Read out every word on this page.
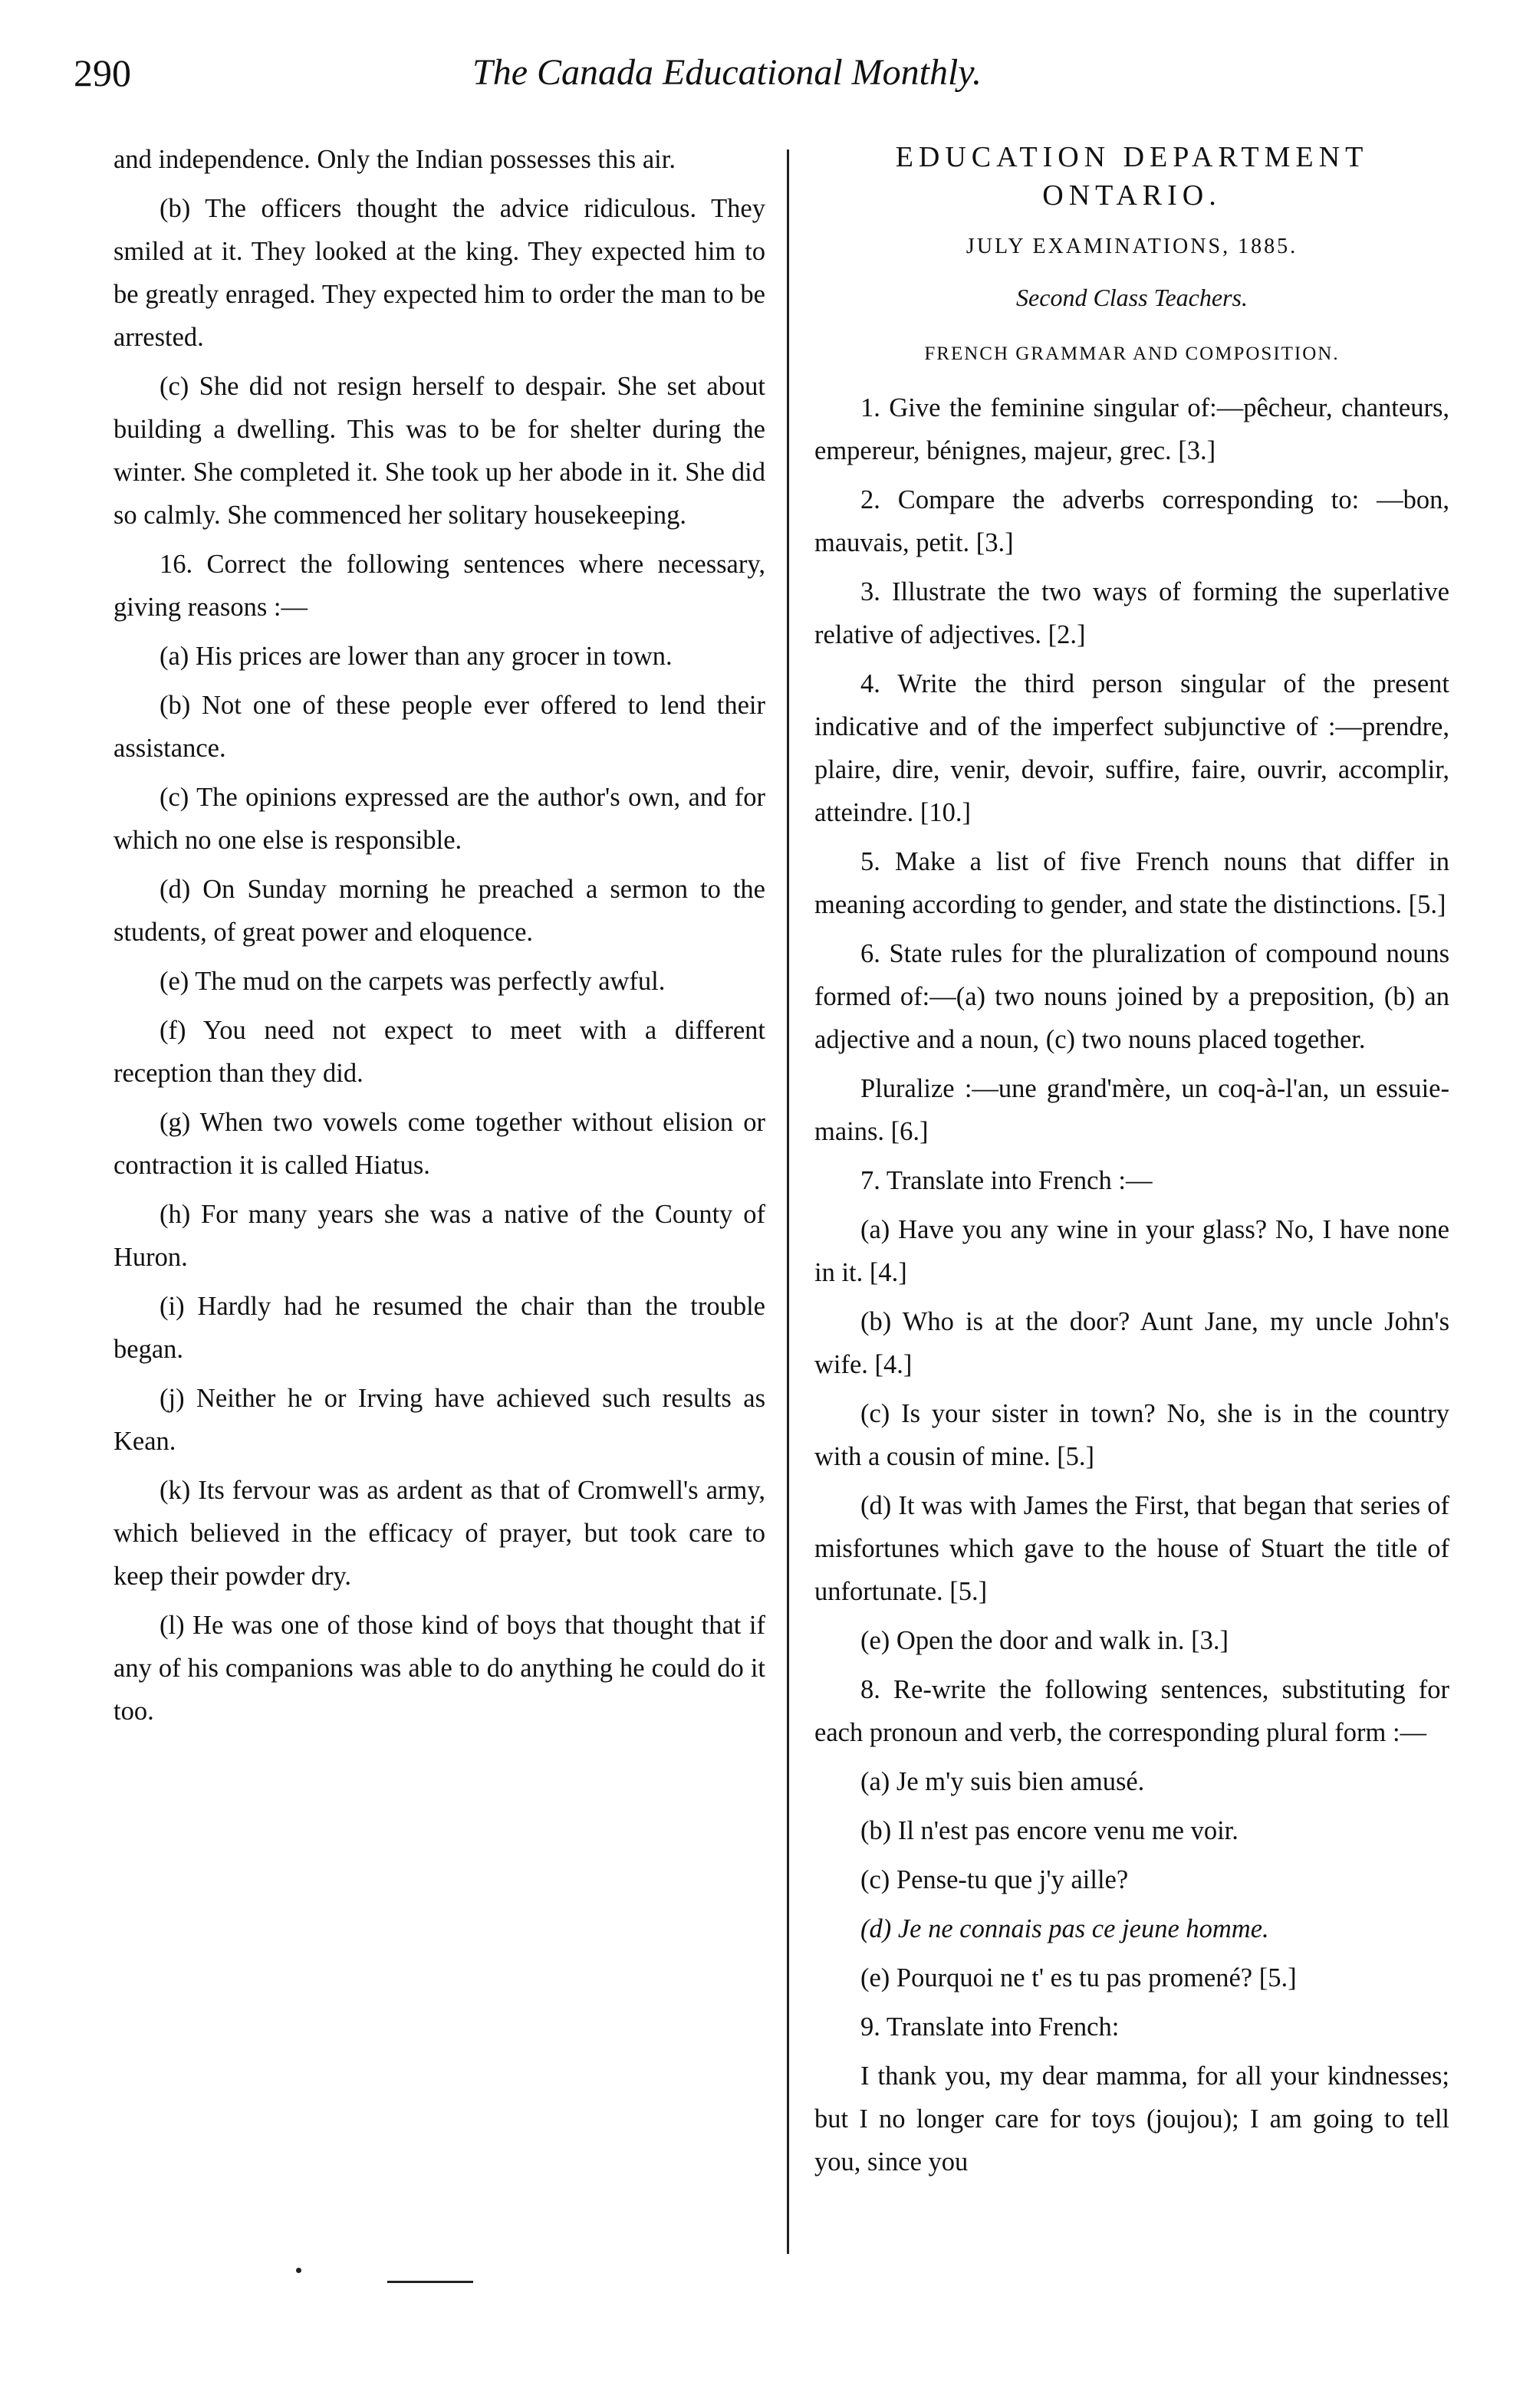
290	The Canada Educational Monthly.

and independence. Only the Indian possesses this air.

(b) The officers thought the advice ridiculous. They smiled at it. They looked at the king. They expected him to be greatly enraged. They expected him to order the man to be arrested.

(c) She did not resign herself to despair. She set about building a dwelling. This was to be for shelter during the winter. She completed it. She took up her abode in it. She did so calmly. She commenced her solitary housekeeping.

16. Correct the following sentences where necessary, giving reasons :—

(a) His prices are lower than any grocer in town.

(b) Not one of these people ever offered to lend their assistance.

(c) The opinions expressed are the author's own, and for which no one else is responsible.

(d) On Sunday morning he preached a sermon to the students, of great power and eloquence.

(e) The mud on the carpets was perfectly awful.

(f) You need not expect to meet with a different reception than they did.

(g) When two vowels come together without elision or contraction it is called Hiatus.

(h) For many years she was a native of the County of Huron.

(i) Hardly had he resumed the chair than the trouble began.

(j) Neither he or Irving have achieved such results as Kean.

(k) Its fervour was as ardent as that of Cromwell's army, which believed in the efficacy of prayer, but took care to keep their powder dry.

(l) He was one of those kind of boys that thought that if any of his companions was able to do anything he could do it too.

EDUCATION DEPARTMENT ONTARIO.

JULY EXAMINATIONS, 1885.

Second Class Teachers.

FRENCH GRAMMAR AND COMPOSITION.

1. Give the feminine singular of:—pêcheur, chanteurs, empereur, bénignes, majeur, grec. [3.]

2. Compare the adverbs corresponding to: —bon, mauvais, petit. [3.]

3. Illustrate the two ways of forming the superlative relative of adjectives. [2.]

4. Write the third person singular of the present indicative and of the imperfect subjunctive of :—prendre, plaire, dire, venir, devoir, suffire, faire, ouvrir, accomplir, atteindre. [10.]

5. Make a list of five French nouns that differ in meaning according to gender, and state the distinctions. [5.]

6. State rules for the pluralization of compound nouns formed of:—(a) two nouns joined by a preposition, (b) an adjective and a noun, (c) two nouns placed together.

Pluralize :—une grand'mère, un coq-à-l'an, un essuie-mains. [6.]

7. Translate into French :—

(a) Have you any wine in your glass? No, I have none in it. [4.]

(b) Who is at the door? Aunt Jane, my uncle John's wife. [4.]

(c) Is your sister in town? No, she is in the country with a cousin of mine. [5.]

(d) It was with James the First, that began that series of misfortunes which gave to the house of Stuart the title of unfortunate. [5.]

(e) Open the door and walk in. [3.]

8. Re-write the following sentences, substituting for each pronoun and verb, the corresponding plural form :—

(a) Je m'y suis bien amusé.

(b) Il n'est pas encore venu me voir.

(c) Pense-tu que j'y aille?

(d) Je ne connais pas ce jeune homme.

(e) Pourquoi ne t' es tu pas promené? [5.]

9. Translate into French:

I thank you, my dear mamma, for all your kindnesses; but I no longer care for toys (joujou); I am going to tell you, since you
